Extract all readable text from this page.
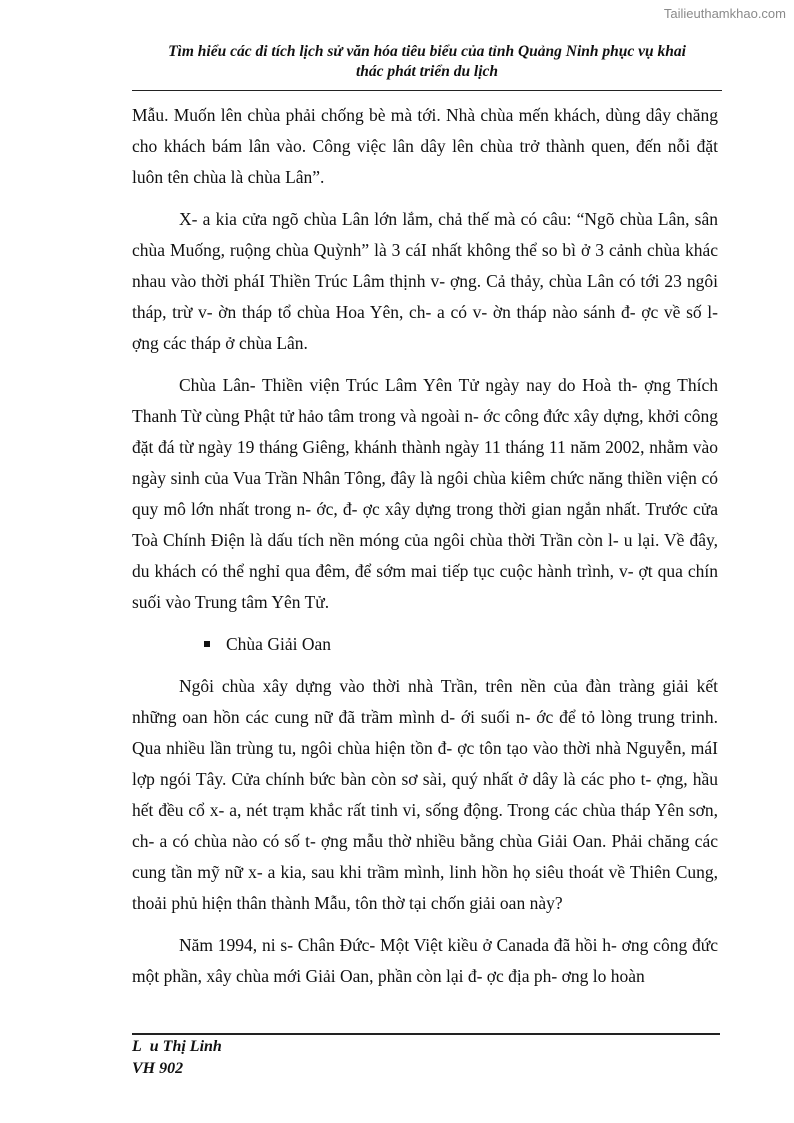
Tailieuthamkhao.com
Tìm hiểu các di tích lịch sử văn hóa tiêu biểu của tỉnh Quảng Ninh phục vụ khai
thác phát triển du lịch

Mẫu. Muốn lên chùa phải chống bè mà tới. Nhà chùa mến khách, dùng dây chăng cho khách bám lân vào. Công việc lân dây lên chùa trở thành quen, đến nỗi đặt luôn tên chùa là chùa Lân”.

X- a kia cửa ngõ chùa Lân lớn lắm, chả thế mà có câu: “Ngõ chùa Lân, sân chùa Muống, ruộng chùa Quỳnh” là 3 cáI nhất không thể so bì ở 3 cảnh chùa khác nhau vào thời pháI Thiền Trúc Lâm thịnh v- ợng. Cả thảy, chùa Lân có tới 23 ngôi tháp, trừ v- ờn tháp tổ chùa Hoa Yên, ch- a có v- ờn tháp nào sánh đ- ợc về số l- ợng các tháp ở chùa Lân.

Chùa Lân- Thiền viện Trúc Lâm Yên Tử ngày nay do Hoà th- ợng Thích Thanh Từ cùng Phật tử hảo tâm trong và ngoài n- ớc công đức xây dựng, khởi công đặt đá từ ngày 19 tháng Giêng, khánh thành ngày 11 tháng 11 năm 2002, nhằm vào ngày sinh của Vua Trần Nhân Tông, đây là ngôi chùa kiêm chức năng thiền viện có quy mô lớn nhất trong n- ớc, đ- ợc xây dựng trong thời gian ngắn nhất. Trước cửa Toà Chính Điện là dấu tích nền móng của ngôi chùa thời Trần còn l- u lại. Về đây, du khách có thể nghỉ qua đêm, để sớm mai tiếp tục cuộc hành trình, v- ợt qua chín suối vào Trung tâm Yên Tử.

Chùa Giải Oan

Ngôi chùa xây dựng vào thời nhà Trần, trên nền của đàn tràng giải kết những oan hồn các cung nữ đã trầm mình d- ới suối n- ớc để tỏ lòng trung trinh. Qua nhiều lần trùng tu, ngôi chùa hiện tồn đ- ợc tôn tạo vào thời nhà Nguyễn, máI lợp ngói Tây. Cửa chính bức bàn còn sơ sài, quý nhất ở dây là các pho t- ợng, hầu hết đều cổ x- a, nét trạm khắc rất tinh vi, sống động. Trong các chùa tháp Yên sơn, ch- a có chùa nào có số t- ợng mẫu thờ nhiều bằng chùa Giải Oan. Phải chăng các cung tần mỹ nữ x- a kia, sau khi trầm mình, linh hồn họ siêu thoát về Thiên Cung, thoải phủ hiện thân thành Mẫu, tôn thờ tại chốn giải oan này?

Năm 1994, ni s- Chân Đức- Một Việt kiều ở Canada đã hồi h- ơng công đức một phần, xây chùa mới Giải Oan, phần còn lại đ- ợc địa ph- ơng lo hoàn

L u Thị Linh
VH 902
